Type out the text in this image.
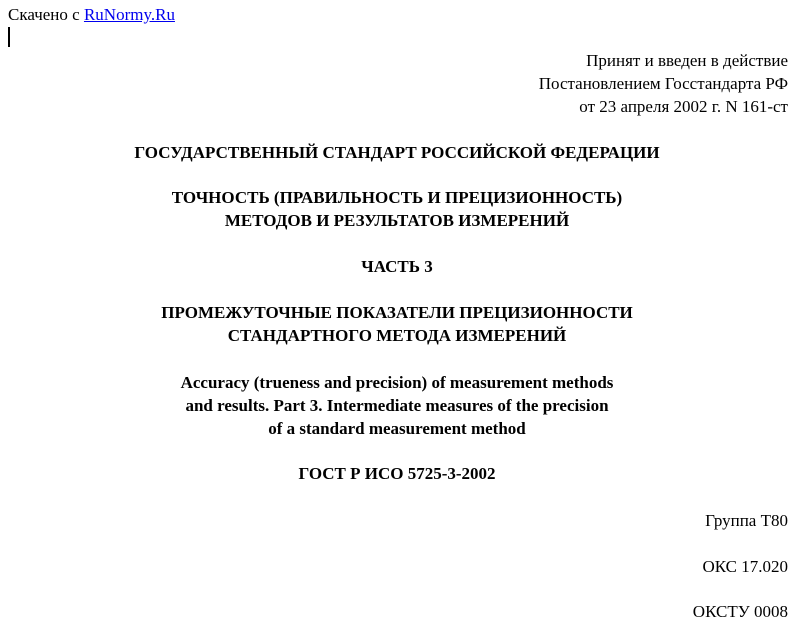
Скачено с RuNormy.Ru
Принят и введен в действие
Постановлением Госстандарта РФ
от 23 апреля 2002 г. N 161-ст
ГОСУДАРСТВЕННЫЙ СТАНДАРТ РОССИЙСКОЙ ФЕДЕРАЦИИ
ТОЧНОСТЬ (ПРАВИЛЬНОСТЬ И ПРЕЦИЗИОННОСТЬ)
МЕТОДОВ И РЕЗУЛЬТАТОВ ИЗМЕРЕНИЙ
ЧАСТЬ 3
ПРОМЕЖУТОЧНЫЕ ПОКАЗАТЕЛИ ПРЕЦИЗИОННОСТИ
СТАНДАРТНОГО МЕТОДА ИЗМЕРЕНИЙ
Accuracy (trueness and precision) of measurement methods
and results. Part 3. Intermediate measures of the precision
of a standard measurement method
ГОСТ Р ИСО 5725-3-2002
Группа Т80
ОКС 17.020
ОКСТУ 0008
